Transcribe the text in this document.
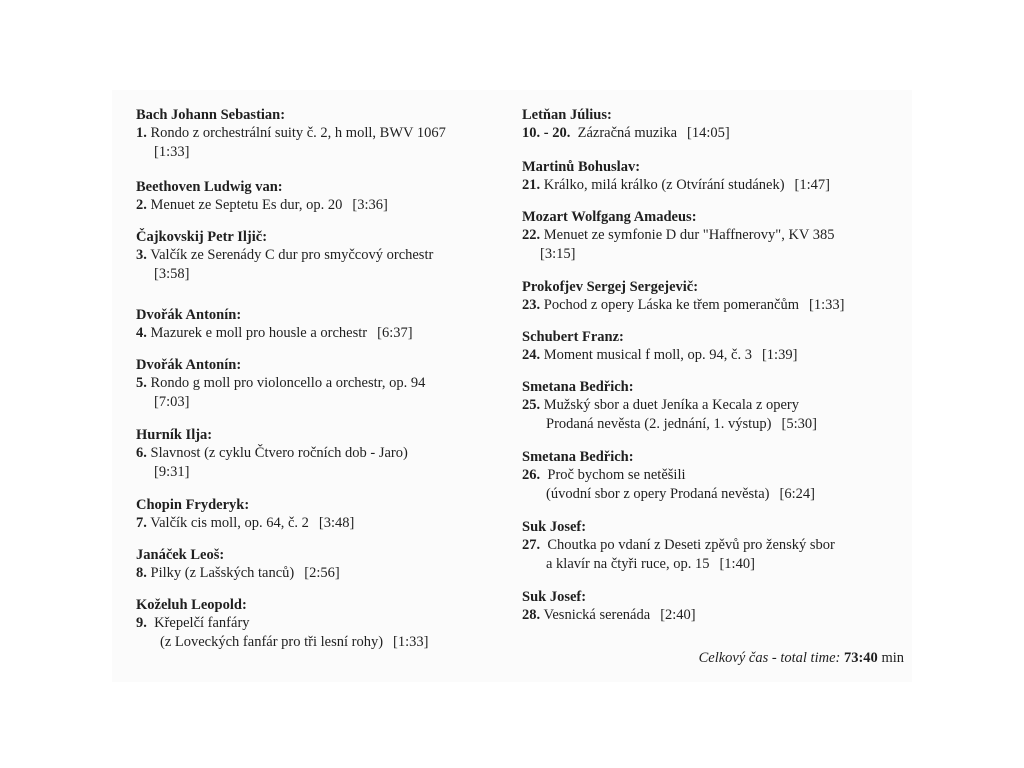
Bach Johann Sebastian:
1. Rondo z orchestrální suity č. 2, h moll, BWV 1067
[1:33]
Beethoven Ludwig van:
2. Menuet ze Septetu Es dur, op. 20 [3:36]
Čajkovskij Petr Iljič:
3. Valčík ze Serenády C dur pro smyčcový orchestr
[3:58]
Dvořák Antonín:
4. Mazurek e moll pro housle a orchestr [6:37]
Dvořák Antonín:
5. Rondo g moll pro violoncello a orchestr, op. 94
[7:03]
Hurník Ilja:
6. Slavnost (z cyklu Čtvero ročních dob - Jaro)
[9:31]
Chopin Fryderyk:
7. Valčík cis moll, op. 64, č. 2 [3:48]
Janáček Leoš:
8. Pilky (z Lašských tanců) [2:56]
Koželuh Leopold:
9. Křepelčí fanfáry
(z Loveckých fanfár pro tři lesní rohy) [1:33]
Letňan Július:
10. - 20. Zázračná muzika [14:05]
Martinů Bohuslav:
21. Králko, milá králko (z Otvírání studánek) [1:47]
Mozart Wolfgang Amadeus:
22. Menuet ze symfonie D dur "Haffnerovy", KV 385
[3:15]
Prokofjev Sergej Sergejevič:
23. Pochod z opery Láska ke třem pomerančům [1:33]
Schubert Franz:
24. Moment musical f moll, op. 94, č. 3 [1:39]
Smetana Bedřich:
25. Mužský sbor a duet Jeníka a Kecala z opery
Prodaná nevěsta (2. jednání, 1. výstup) [5:30]
Smetana Bedřich:
26. Proč bychom se netěšili
(úvodní sbor z opery Prodaná nevěsta) [6:24]
Suk Josef:
27. Choutka po vdaní z Deseti zpěvů pro ženský sbor
a klavír na čtyři ruce, op. 15 [1:40]
Suk Josef:
28. Vesnická serenáda [2:40]
Celkový čas - total time: 73:40 min
